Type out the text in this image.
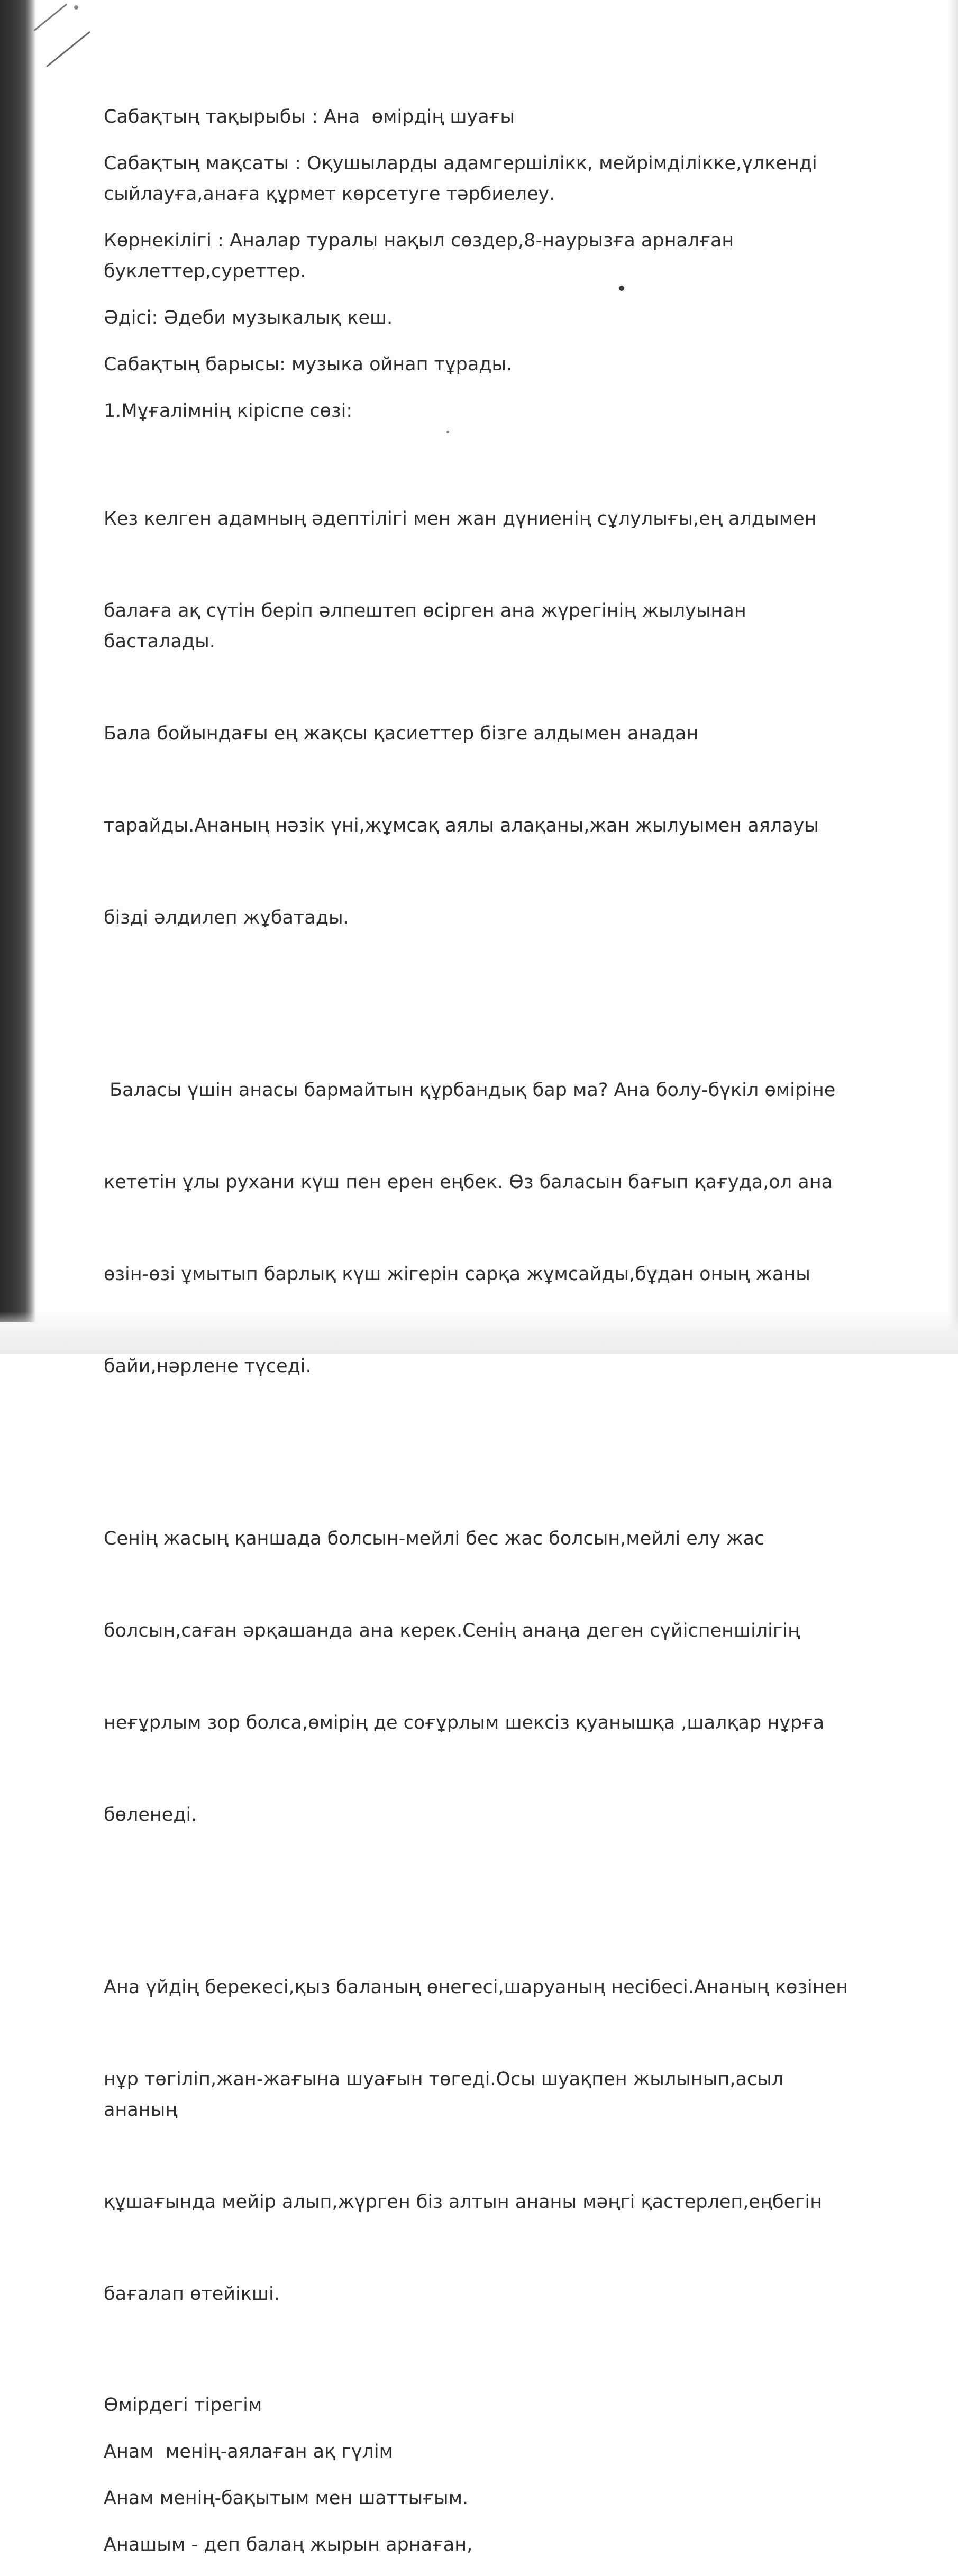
Сабақтың тақырыбы : Ана  өмірдің шуағы

Сабақтың мақсаты : Оқушыларды адамгершілікк, мейрімділікке,үлкенді сыйлауға,анаға құрмет көрсетуге тәрбиелеу.

Көрнекілігі : Аналар туралы нақыл сөздер,8-наурызға арналған буклеттер,суреттер.

Әдісі: Әдеби музыкалық кеш.

Сабақтың барысы: музыка ойнап тұрады.

1.Мұғалімнің кіріспе сөзі:

Кез келген адамның әдептілігі мен жан дүниенің сұлулығы,ең алдымен

балаға ақ сүтін беріп әлпештеп өсірген ана жүрегінің жылуынан басталады.

Бала бойындағы ең жақсы қасиеттер бізге алдымен анадан

тарайды.Ананың нәзік үні,жұмсақ аялы алақаны,жан жылуымен аялауы

бізді әлдилеп жұбатады.

Баласы үшін анасы бармайтын құрбандық бар ма? Ана болу-бүкіл өміріне

кететін ұлы рухани күш пен ерен еңбек. Өз баласын бағып қағуда,ол ана

өзін-өзі ұмытып барлық күш жігерін сарқа жұмсайды,бұдан оның жаны

байи,нәрлене түседі.

Сенің жасың қаншада болсын-мейлі бес жас болсын,мейлі елу жас

болсын,саған әрқашанда ана керек.Сенің анаңа деген сүйіспеншілігің

неғұрлым зор болса,өмірің де соғұрлым шексіз қуанышқа ,шалқар нұрға

бөленеді.

Ана үйдің берекесі,қыз баланың өнегесі,шаруаның несібесі.Ананың көзінен

нұр төгіліп,жан-жағына шуағын төгеді.Осы шуақпен жылынып,асыл ананың

құшағында мейір алып,жүрген біз алтын ананы мәңгі қастерлеп,еңбегін

бағалап өтейікші.

Өмірдегі тірегім

Анам  менің-аялаған ақ гүлім

Анам менің-бақытым мен шаттығым.

Анашым - деп балаң жырын арнаған,
